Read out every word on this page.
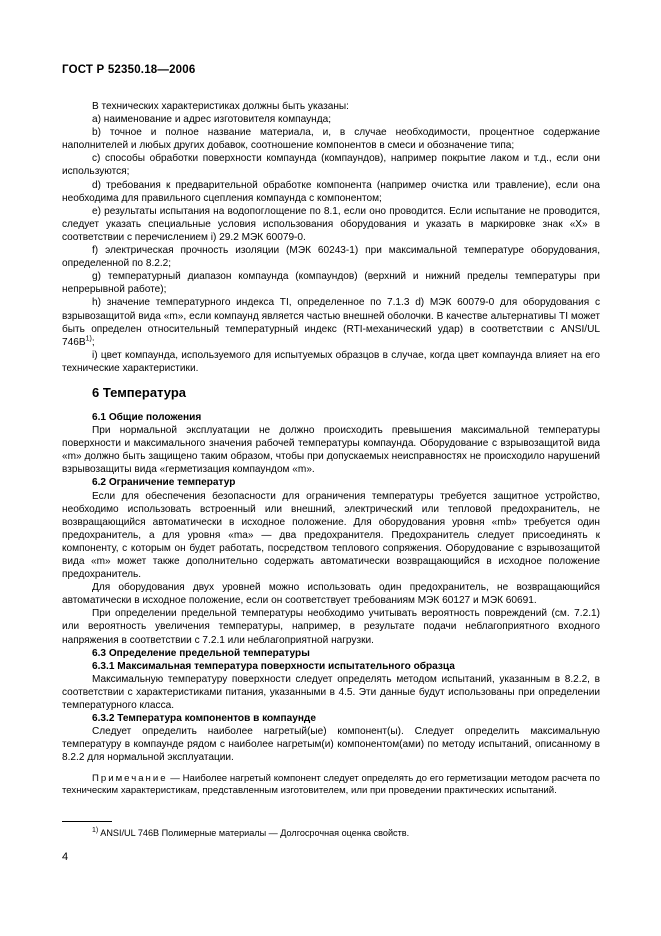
ГОСТ Р 52350.18—2006

В технических характеристиках должны быть указаны:

a) наименование и адрес изготовителя компаунда;

b) точное и полное название материала, и, в случае необходимости, процентное содержание наполнителей и любых других добавок, соотношение компонентов в смеси и обозначение типа;

c) способы обработки поверхности компаунда (компаундов), например покрытие лаком и т.д., если они используются;

d) требования к предварительной обработке компонента (например очистка или травление), если она необходима для правильного сцепления компаунда с компонентом;

e) результаты испытания на водопоглощение по 8.1, если оно проводится. Если испытание не проводится, следует указать специальные условия использования оборудования и указать в маркировке знак «X» в соответствии с перечислением i) 29.2 МЭК 60079-0.

f) электрическая прочность изоляции (МЭК 60243-1) при максимальной температуре оборудования, определенной по 8.2.2;

g) температурный диапазон компаунда (компаундов) (верхний и нижний пределы температуры при непрерывной работе);

h) значение температурного индекса TI, определенное по 7.1.3 d) МЭК 60079-0 для оборудования с взрывозащитой вида «m», если компаунд является частью внешней оболочки. В качестве альтернативы TI может быть определен относительный температурный индекс (RTI-механический удар) в соответствии с ANSI/UL $746B^{1)}$;

i) цвет компаунда, используемого для испытуемых образцов в случае, когда цвет компаунда влияет на его технические характеристики.

6 Температура

6.1 Общие положения

При нормальной эксплуатации не должно происходить превышения максимальной температуры поверхности и максимального значения рабочей температуры компаунда. Оборудование с взрывозащитой вида «m» должно быть защищено таким образом, чтобы при допускаемых неисправностях не происходило нарушений взрывозащиты вида «герметизация компаундом «m».

6.2 Ограничение температур

Если для обеспечения безопасности для ограничения температуры требуется защитное устройство, необходимо использовать встроенный или внешний, электрический или тепловой предохранитель, не возвращающийся автоматически в исходное положение. Для оборудования уровня «mb» требуется один предохранитель, а для уровня «ma» — два предохранителя. Предохранитель следует присоединять к компоненту, с которым он будет работать, посредством теплового сопряжения. Оборудование с взрывозащитой вида «m» может также дополнительно содержать автоматически возвращающийся в исходное положение предохранитель.

Для оборудования двух уровней можно использовать один предохранитель, не возвращающийся автоматически в исходное положение, если он соответствует требованиям МЭК 60127 и МЭК 60691.

При определении предельной температуры необходимо учитывать вероятность повреждений (см. 7.2.1) или вероятность увеличения температуры, например, в результате подачи неблагоприятного входного напряжения в соответствии с 7.2.1 или неблагоприятной нагрузки.

6.3 Определение предельной температуры

6.3.1 Максимальная температура поверхности испытательного образца

Максимальную температуру поверхности следует определять методом испытаний, указанным в 8.2.2, в соответствии с характеристиками питания, указанными в 4.5. Эти данные будут использованы при определении температурного класса.

6.3.2 Температура компонентов в компаунде

Следует определить наиболее нагретый(ые) компонент(ы). Следует определить максимальную температуру в компаунде рядом с наиболее нагретым(и) компонентом(ами) по методу испытаний, описанному в 8.2.2 для нормальной эксплуатации.

Примечание — Наиболее нагретый компонент следует определять до его герметизации методом расчета по техническим характеристикам, представленным изготовителем, или при проведении практических испытаний.

$^{1)}$ ANSI/UL 746B Полимерные материалы — Долгосрочная оценка свойств.
4
